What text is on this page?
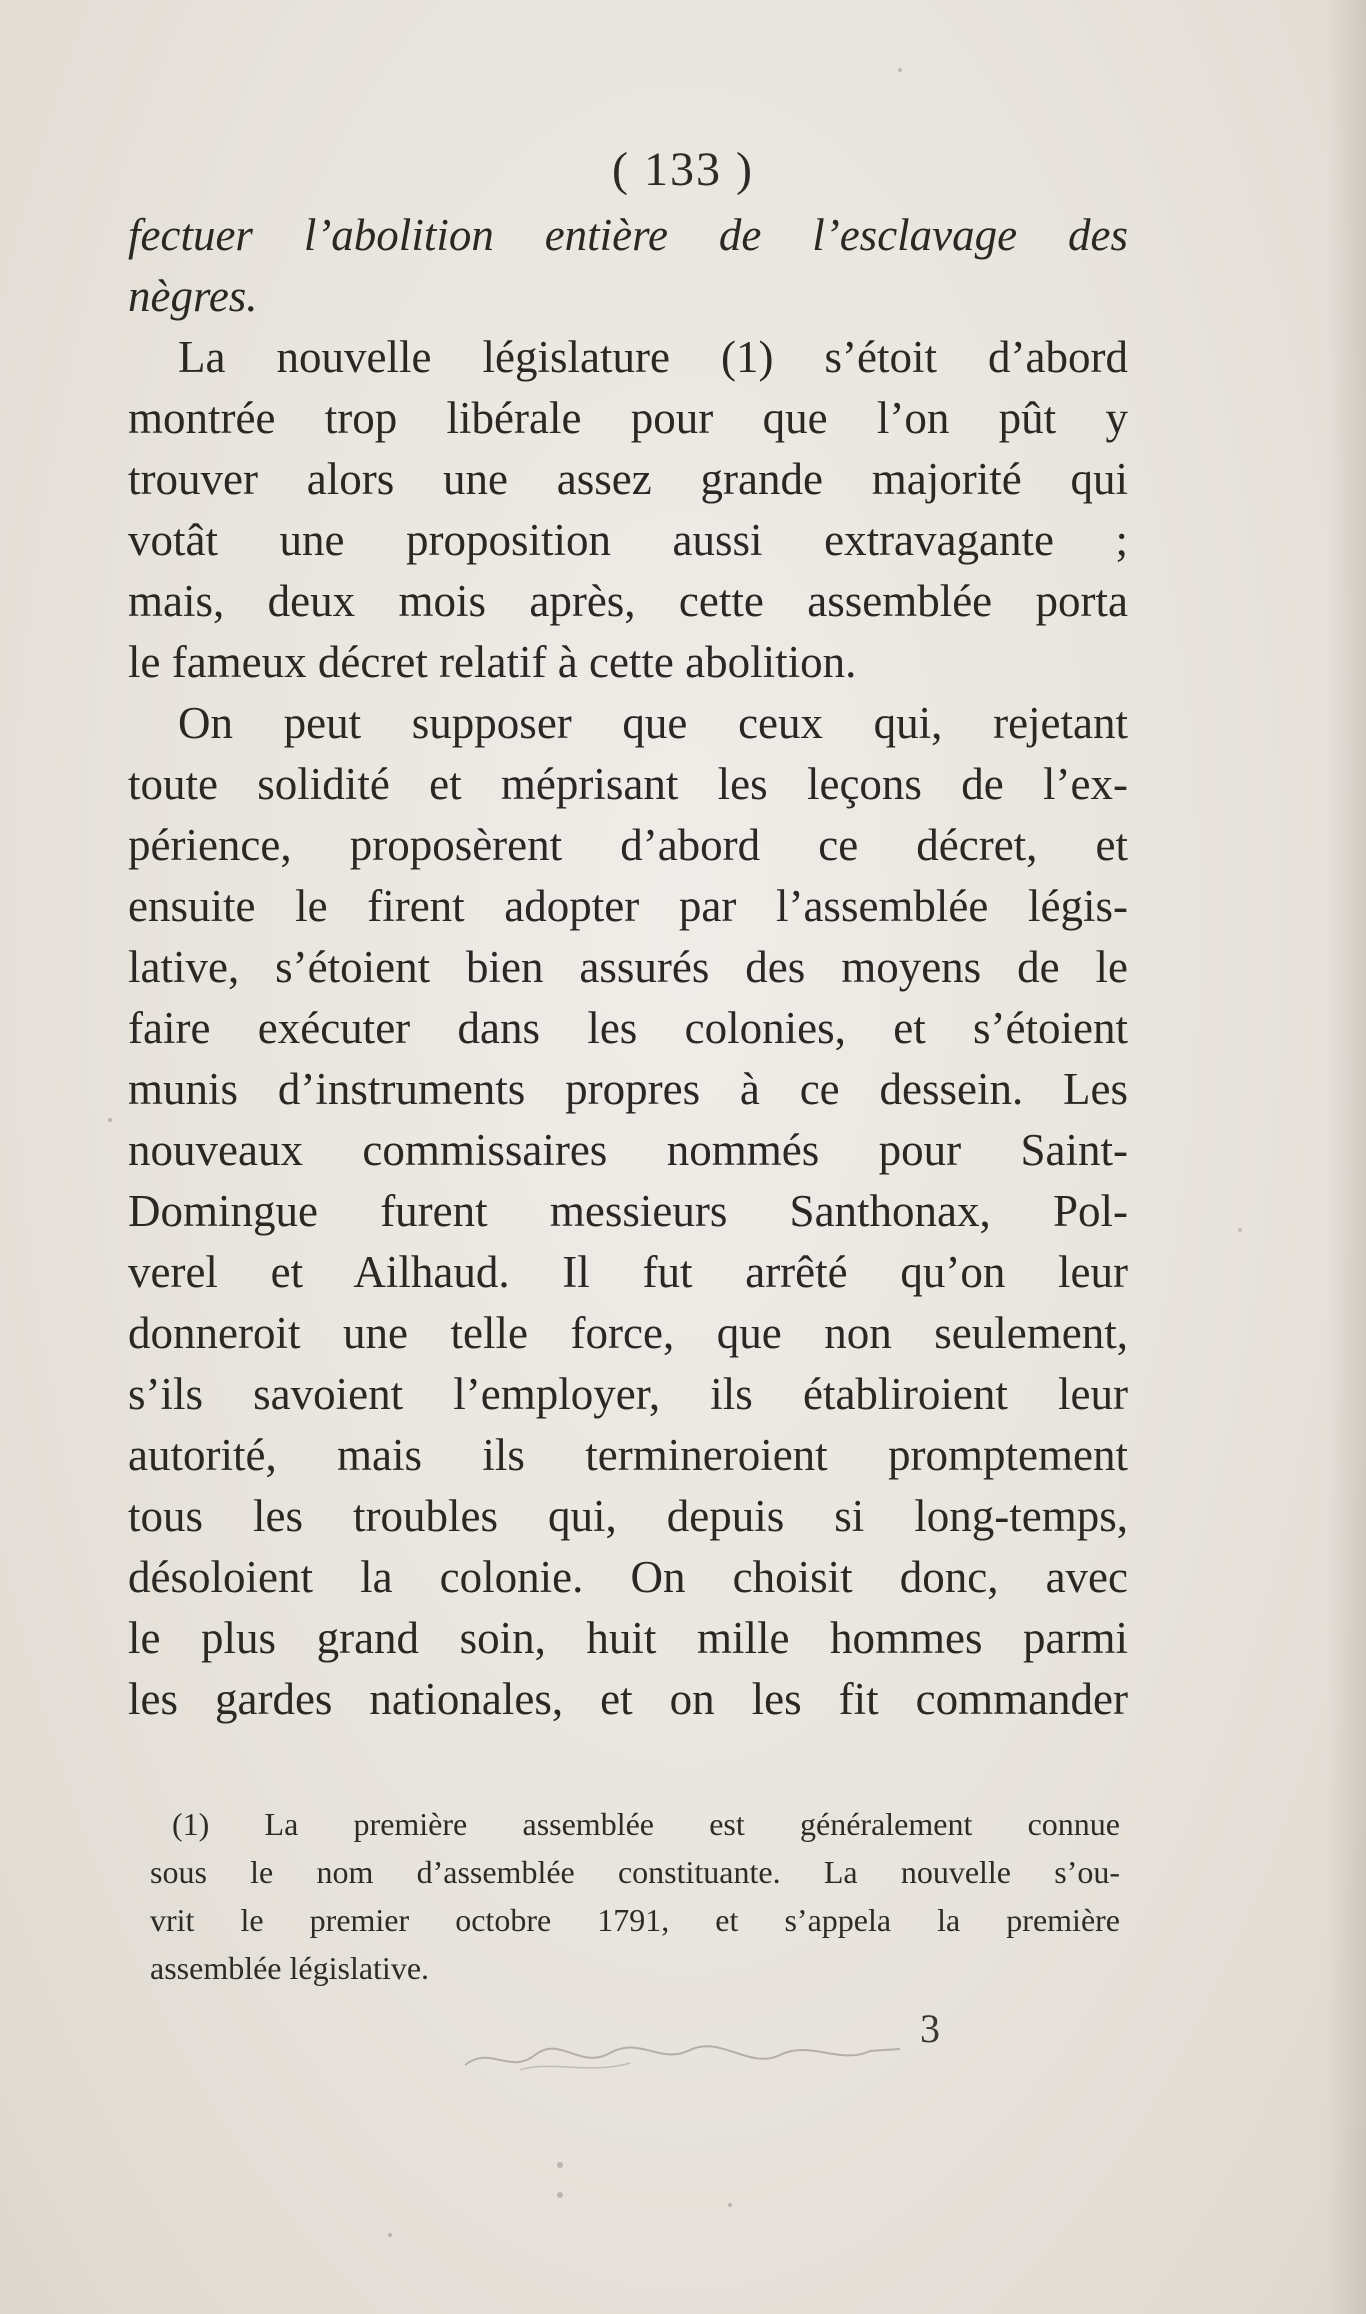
( 133 )
fectuer l’abolition entière de l’esclavage des
nègres.
La nouvelle législature (1) s’étoit d’abord
montrée trop libérale pour que l’on pût y
trouver alors une assez grande majorité qui
votât une proposition aussi extravagante ;
mais, deux mois après, cette assemblée porta
le fameux décret relatif à cette abolition.
On peut supposer que ceux qui, rejetant
toute solidité et méprisant les leçons de l’ex-
périence, proposèrent d’abord ce décret, et
ensuite le firent adopter par l’assemblée légis-
lative, s’étoient bien assurés des moyens de le
faire exécuter dans les colonies, et s’étoient
munis d’instruments propres à ce dessein. Les
nouveaux commissaires nommés pour Saint-
Domingue furent messieurs Santhonax, Pol-
verel et Ailhaud. Il fut arrêté qu’on leur
donneroit une telle force, que non seulement,
s’ils savoient l’employer, ils établiroient leur
autorité, mais ils termineroient promptement
tous les troubles qui, depuis si long-temps,
désoloient la colonie. On choisit donc, avec
le plus grand soin, huit mille hommes parmi
les gardes nationales, et on les fit commander
(1) La première assemblée est généralement connue
sous le nom d’assemblée constituante. La nouvelle s’ou-
vrit le premier octobre 1791, et s’appela la première
assemblée législative.
3
